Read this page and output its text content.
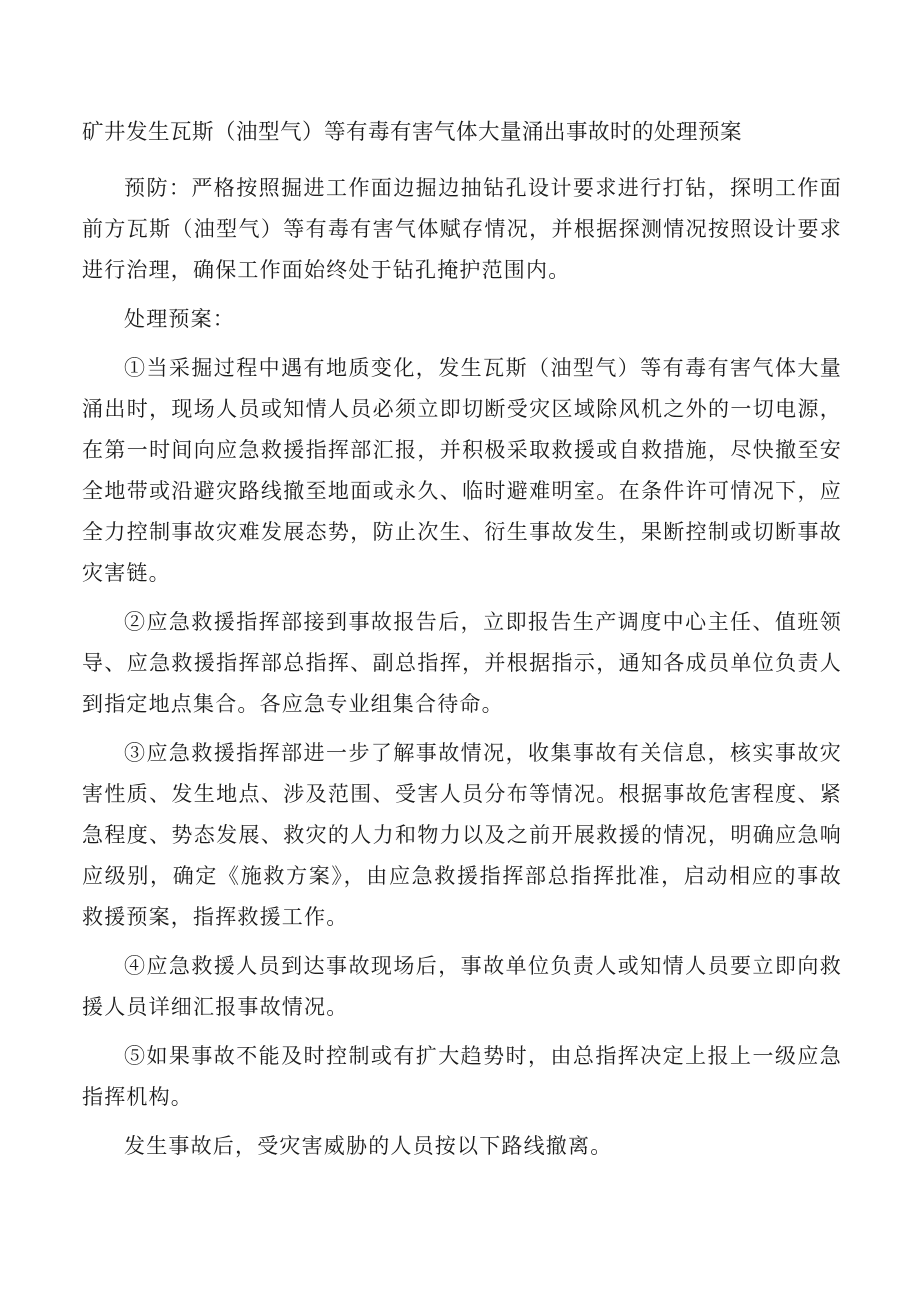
矿井发生瓦斯（油型气）等有毒有害气体大量涌出事故时的处理预案

预防：严格按照掘进工作面边掘边抽钻孔设计要求进行打钻，探明工作面前方瓦斯（油型气）等有毒有害气体赋存情况，并根据探测情况按照设计要求进行治理，确保工作面始终处于钻孔掩护范围内。

处理预案：

①当采掘过程中遇有地质变化，发生瓦斯（油型气）等有毒有害气体大量涌出时，现场人员或知情人员必须立即切断受灾区域除风机之外的一切电源，在第一时间向应急救援指挥部汇报，并积极采取救援或自救措施，尽快撤至安全地带或沿避灾路线撤至地面或永久、临时避难明室。在条件许可情况下，应全力控制事故灾难发展态势，防止次生、衍生事故发生，果断控制或切断事故灾害链。

②应急救援指挥部接到事故报告后，立即报告生产调度中心主任、值班领导、应急救援指挥部总指挥、副总指挥，并根据指示，通知各成员单位负责人到指定地点集合。各应急专业组集合待命。

③应急救援指挥部进一步了解事故情况，收集事故有关信息，核实事故灾害性质、发生地点、涉及范围、受害人员分布等情况。根据事故危害程度、紧急程度、势态发展、救灾的人力和物力以及之前开展救援的情况，明确应急响应级别，确定《施救方案》，由应急救援指挥部总指挥批准，启动相应的事故救援预案，指挥救援工作。

④应急救援人员到达事故现场后，事故单位负责人或知情人员要立即向救援人员详细汇报事故情况。

⑤如果事故不能及时控制或有扩大趋势时，由总指挥决定上报上一级应急指挥机构。

发生事故后，受灾害威胁的人员按以下路线撤离。
